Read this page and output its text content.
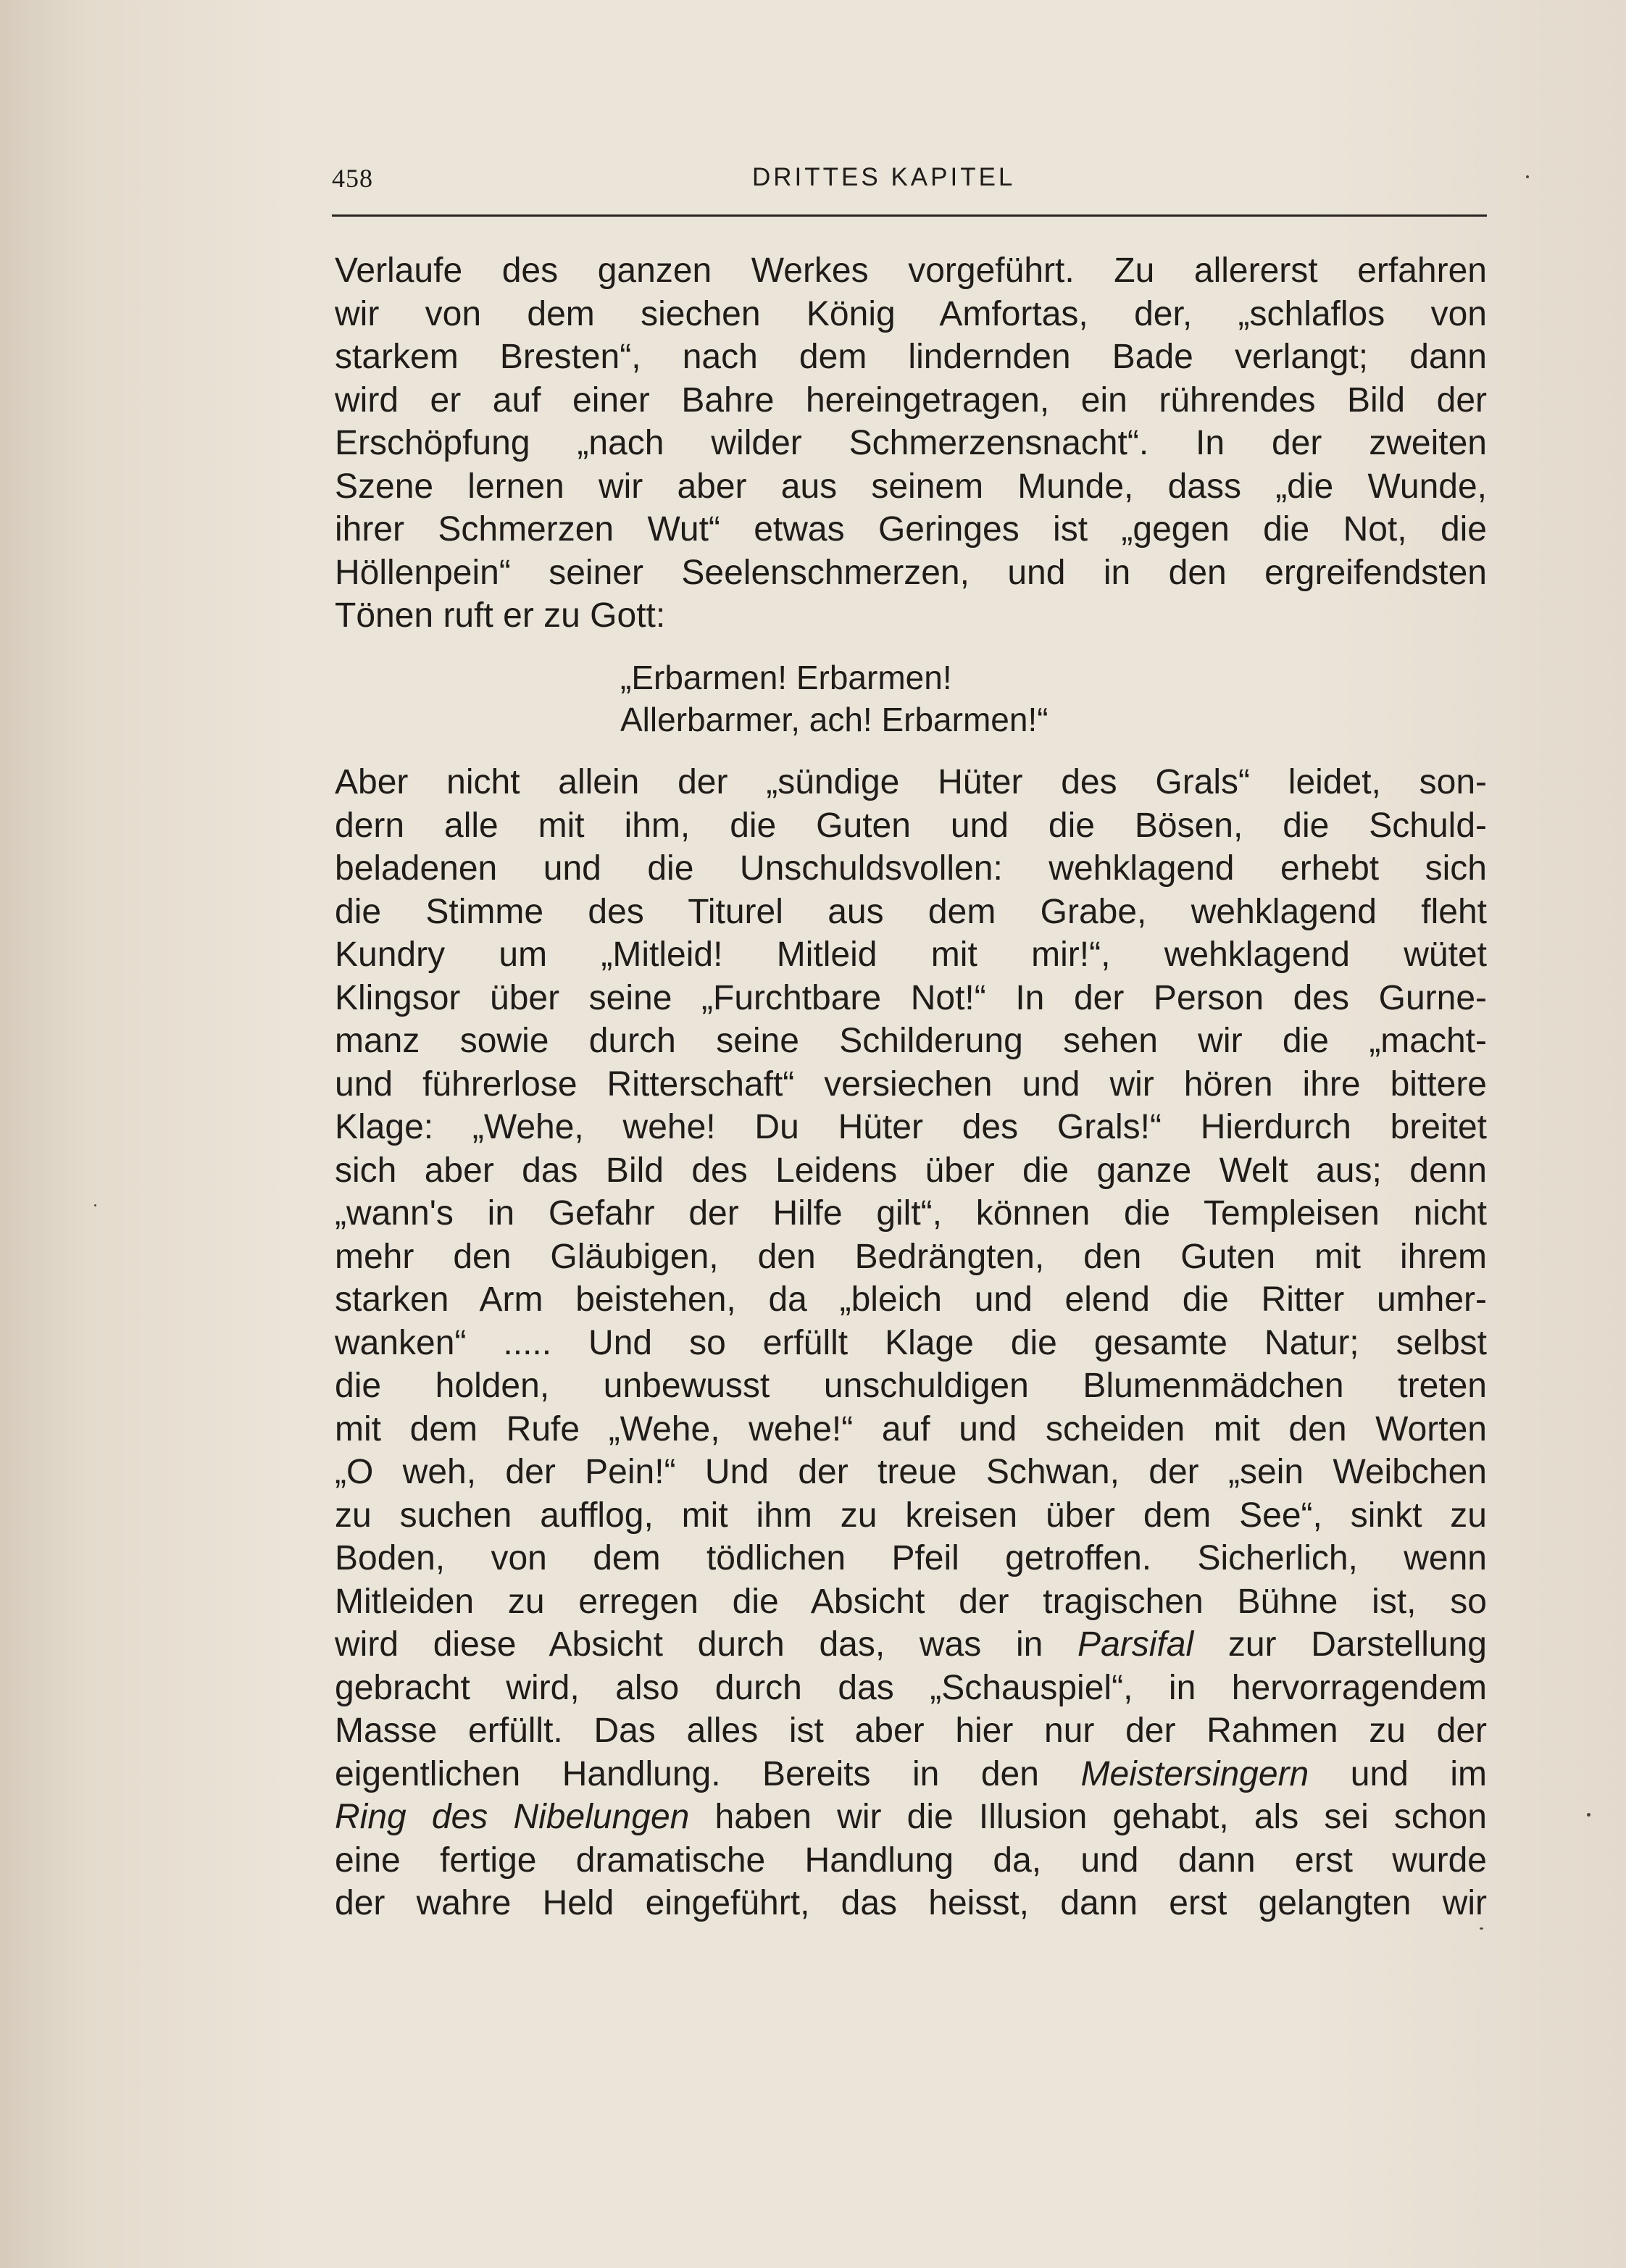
458	DRITTES KAPITEL
Verlaufe des ganzen Werkes vorgeführt. Zu allererst erfahren
wir von dem siechen König Amfortas, der, „schlaflos von
starkem Bresten“, nach dem lindernden Bade verlangt; dann
wird er auf einer Bahre hereingetragen, ein rührendes Bild der
Erschöpfung „nach wilder Schmerzensnacht“. In der zweiten
Szene lernen wir aber aus seinem Munde, dass „die Wunde,
ihrer Schmerzen Wut“ etwas Geringes ist „gegen die Not, die
Höllenpein“ seiner Seelenschmerzen, und in den ergreifendsten
Tönen ruft er zu Gott:
„Erbarmen! Erbarmen!
Allerbarmer, ach! Erbarmen!“
Aber nicht allein der „sündige Hüter des Grals“ leidet, son-
dern alle mit ihm, die Guten und die Bösen, die Schuld-
beladenen und die Unschuldsvollen: wehklagend erhebt sich
die Stimme des Titurel aus dem Grabe, wehklagend fleht
Kundry um „Mitleid! Mitleid mit mir!“, wehklagend wütet
Klingsor über seine „Furchtbare Not!“ In der Person des Gurne-
manz sowie durch seine Schilderung sehen wir die „macht-
und führerlose Ritterschaft“ versiechen und wir hören ihre bittere
Klage: „Wehe, wehe! Du Hüter des Grals!“ Hierdurch breitet
sich aber das Bild des Leidens über die ganze Welt aus; denn
„wann's in Gefahr der Hilfe gilt“, können die Templeisen nicht
mehr den Gläubigen, den Bedrängten, den Guten mit ihrem
starken Arm beistehen, da „bleich und elend die Ritter umher-
wanken“ ..... Und so erfüllt Klage die gesamte Natur; selbst
die holden, unbewusst unschuldigen Blumenmädchen treten
mit dem Rufe „Wehe, wehe!“ auf und scheiden mit den Worten
„O weh, der Pein!“ Und der treue Schwan, der „sein Weibchen
zu suchen aufflog, mit ihm zu kreisen über dem See“, sinkt zu
Boden, von dem tödlichen Pfeil getroffen. Sicherlich, wenn
Mitleiden zu erregen die Absicht der tragischen Bühne ist, so
wird diese Absicht durch das, was in Parsifal zur Darstellung
gebracht wird, also durch das „Schauspiel“, in hervorragendem
Masse erfüllt. Das alles ist aber hier nur der Rahmen zu der
eigentlichen Handlung. Bereits in den Meistersingern und im
Ring des Nibelungen haben wir die Illusion gehabt, als sei schon
eine fertige dramatische Handlung da, und dann erst wurde
der wahre Held eingeführt, das heisst, dann erst gelangten wir
